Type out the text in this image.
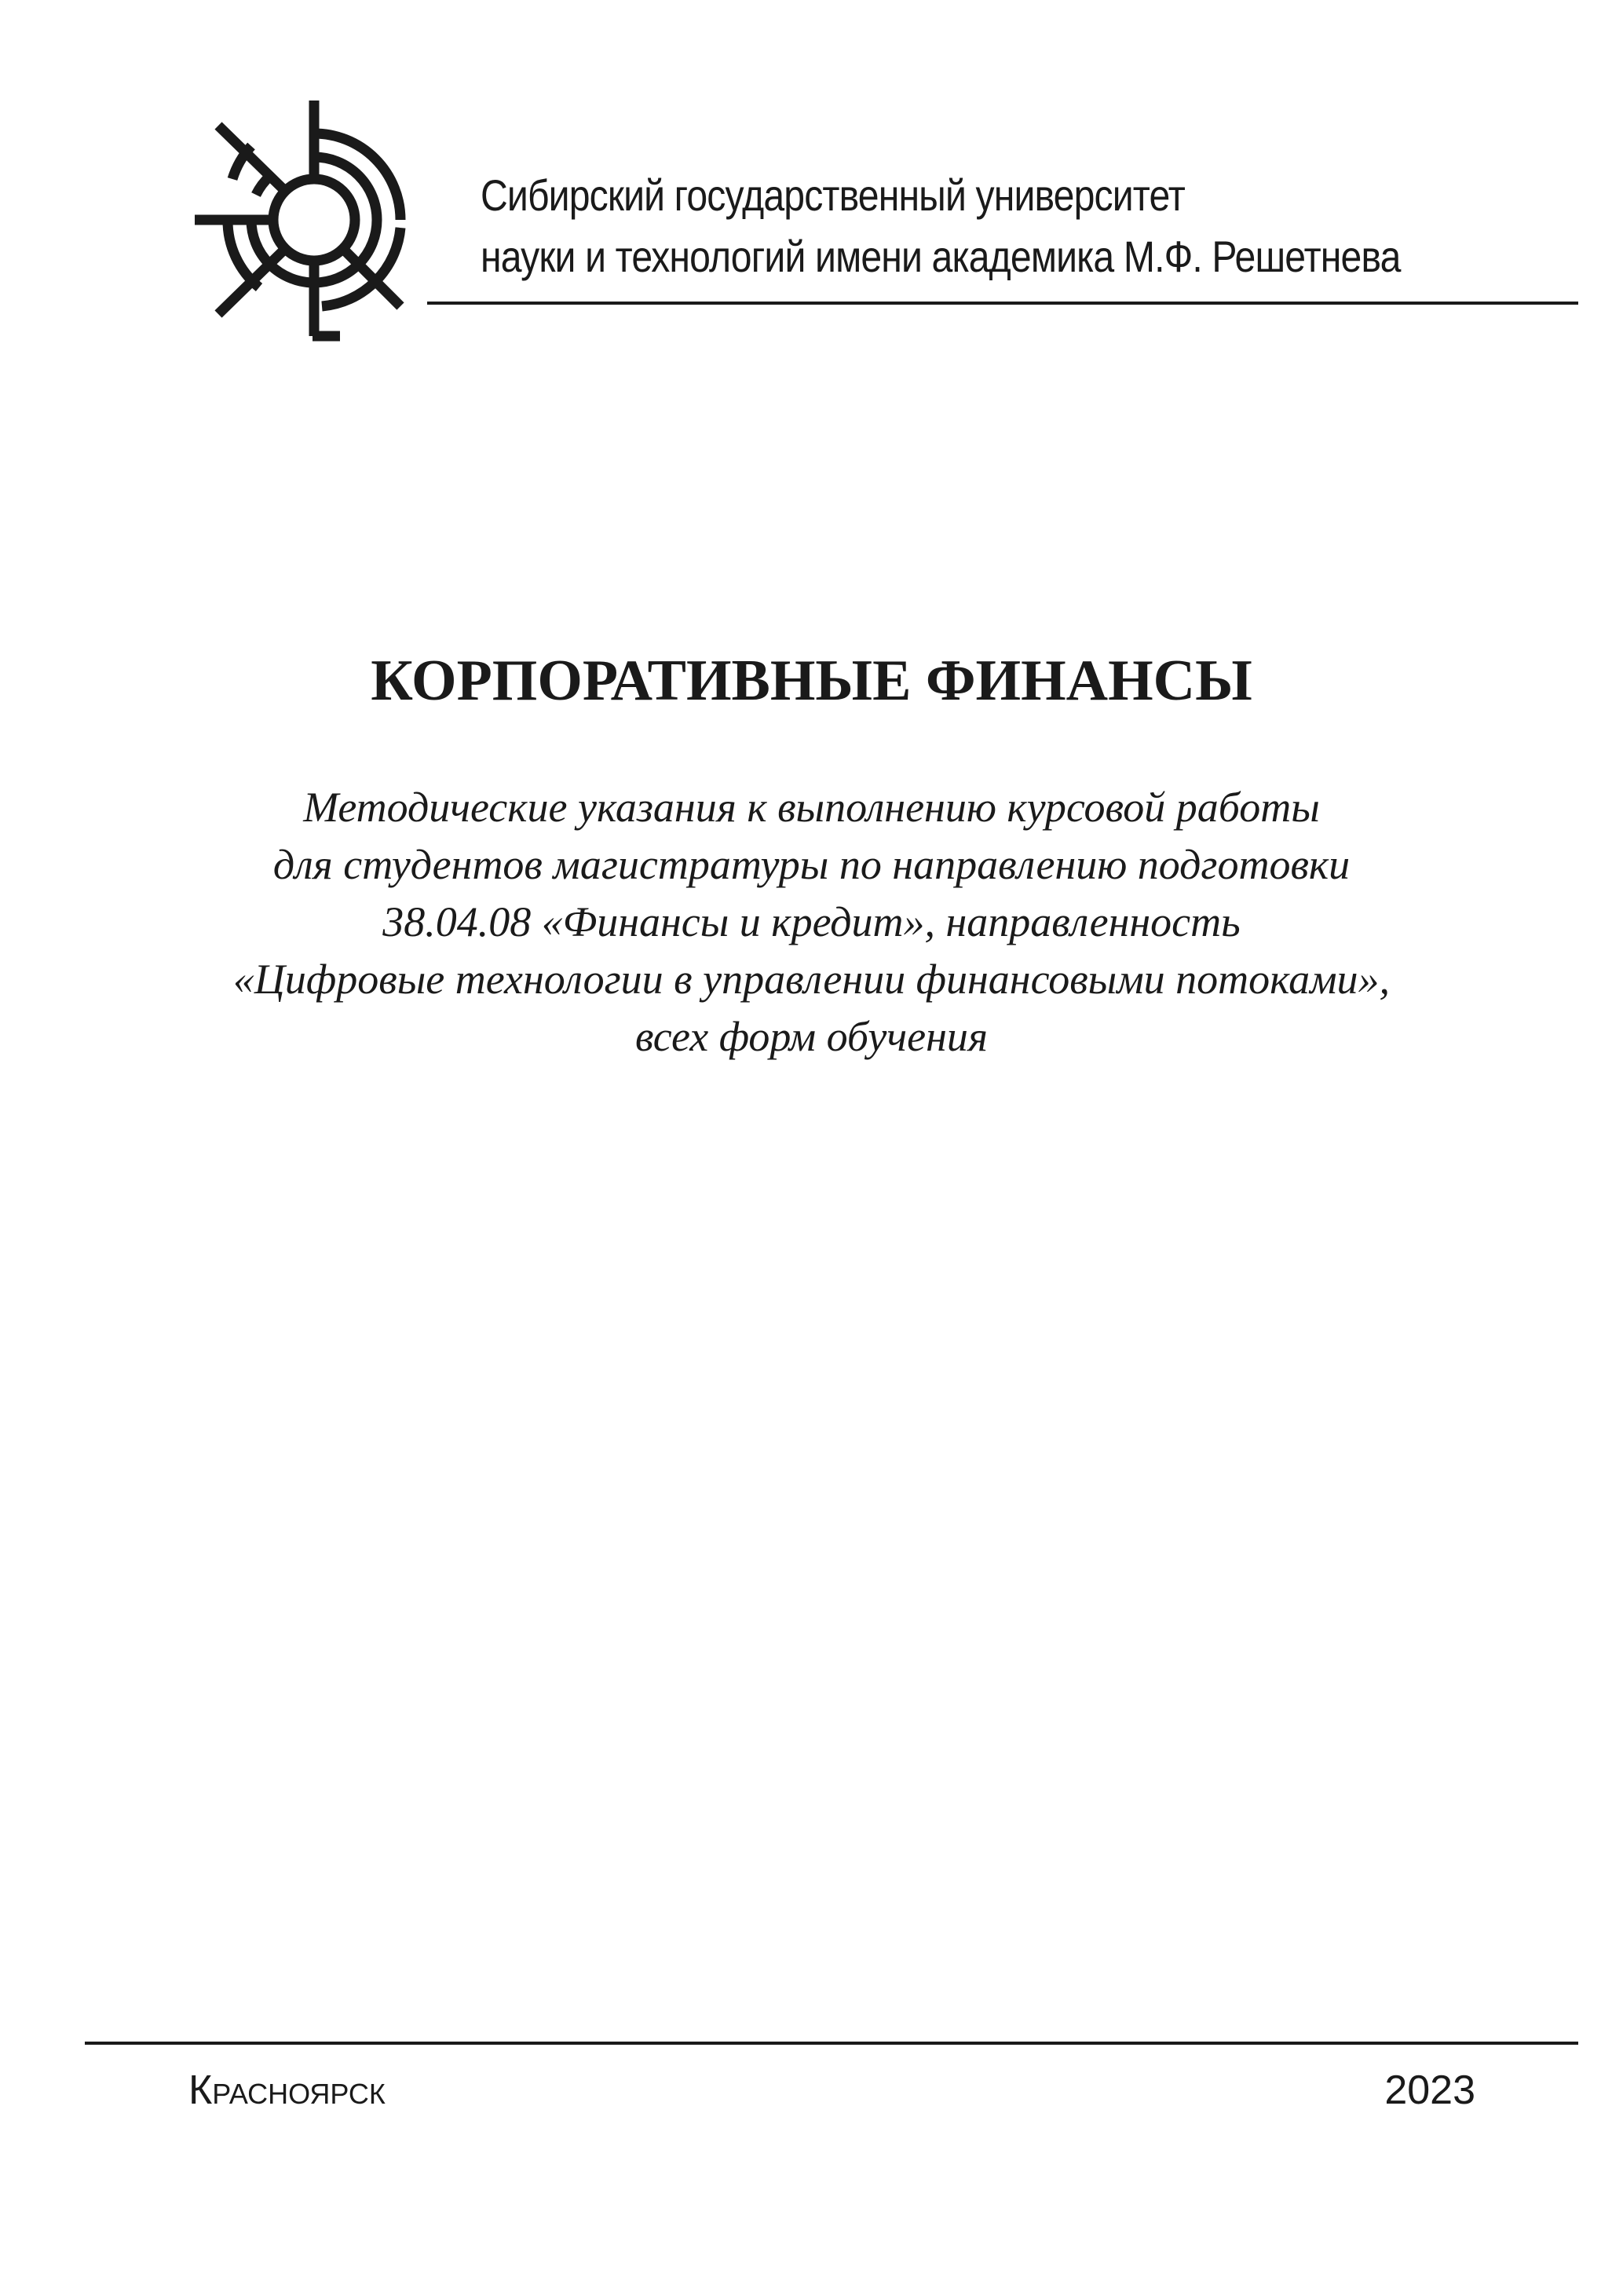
Сибирский государственный университет
науки и технологий имени академика М.Ф. Решетнева
КОРПОРАТИВНЫЕ ФИНАНСЫ
Методические указания к выполнению курсовой работы
для студентов магистратуры по направлению подготовки
38.04.08 «Финансы и кредит», направленность
«Цифровые технологии в управлении финансовыми потоками»,
всех форм обучения
Красноярск	2023
